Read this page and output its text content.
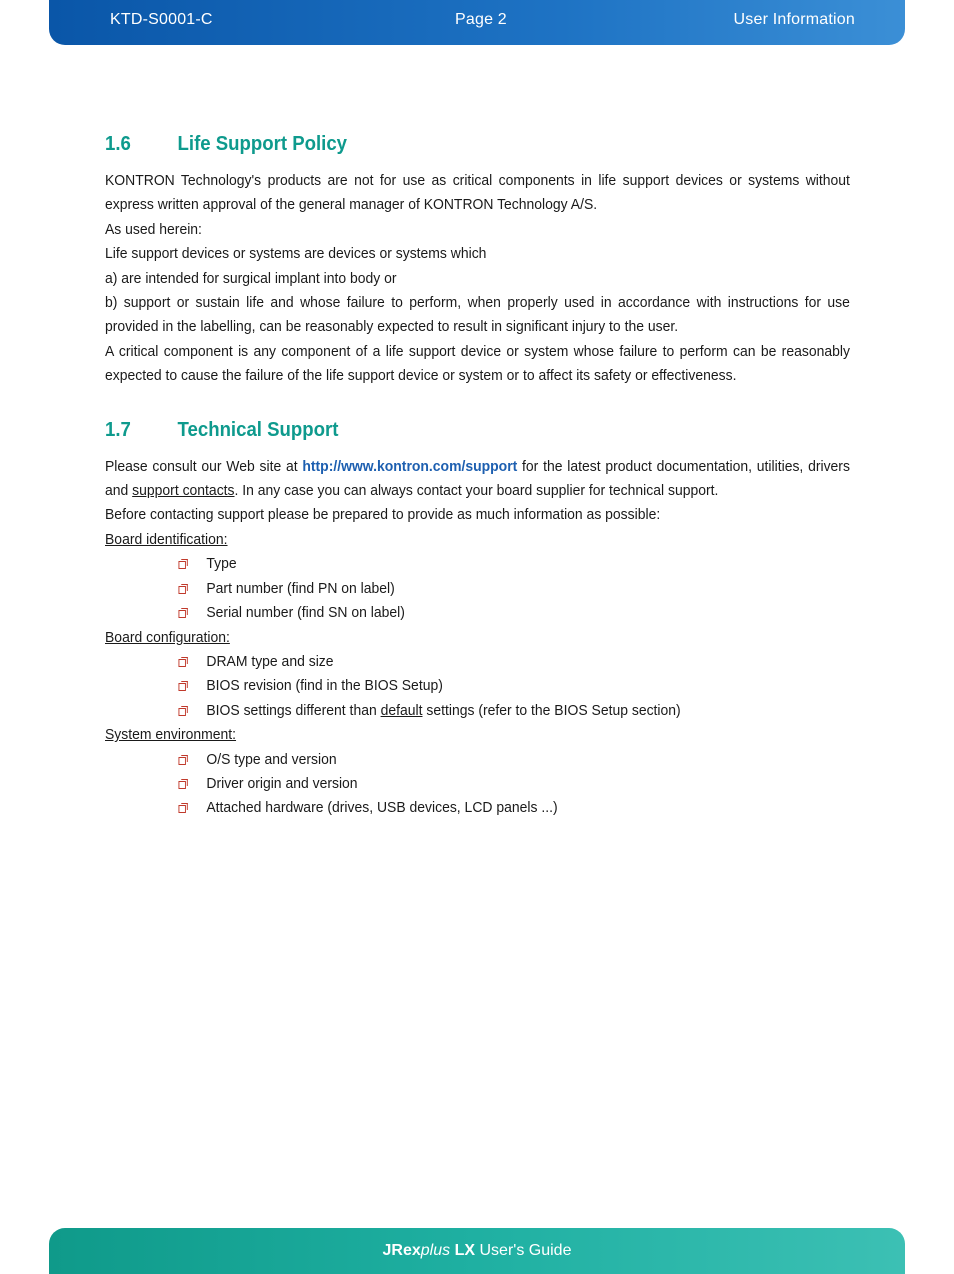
KTD-S0001-C	Page 2	User Information
1.6	Life Support Policy

KONTRON Technology's products are not for use as critical components in life support devices or systems without express written approval of the general manager of KONTRON Technology A/S.

As used herein:

Life support devices or systems are devices or systems which

a) are intended for surgical implant into body or

b) support or sustain life and whose failure to perform, when properly used in accordance with instructions for use provided in the labelling, can be reasonably expected to result in significant injury to the user.

A critical component is any component of a life support device or system whose failure to perform can be reasonably expected to cause the failure of the life support device or system or to affect its safety or effectiveness.

1.7	Technical Support

Please consult our Web site at http://www.kontron.com/support for the latest product documentation, utilities, drivers and support contacts. In any case you can always contact your board supplier for technical support.

Before contacting support please be prepared to provide as much information as possible:

Board identification:

Type
Part number (find PN on label)
Serial number (find SN on label)

Board configuration:

DRAM type and size
BIOS revision (find in the BIOS Setup)
BIOS settings different than default settings (refer to the BIOS Setup section)

System environment:

O/S type and version
Driver origin and version
Attached hardware (drives, USB devices, LCD panels ...)
JRexplus LX User's Guide
